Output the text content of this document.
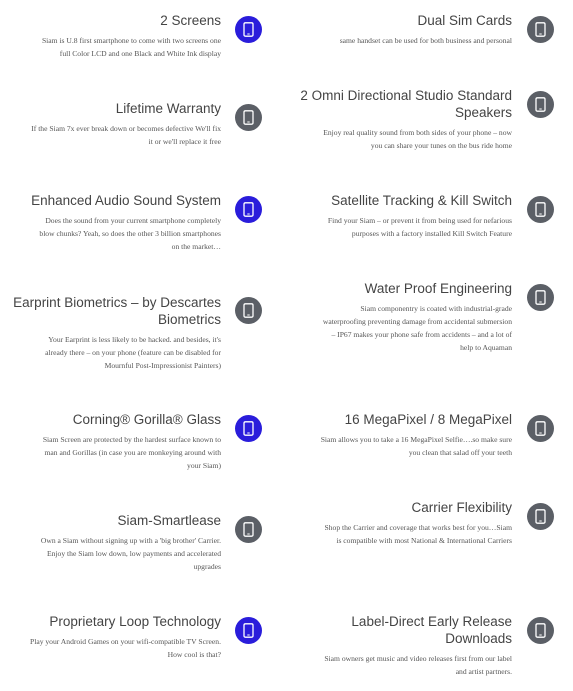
2 Screens
Siam is U.8 first smartphone to come with two screens one
full Color LCD and one Black and White Ink display
Lifetime Warranty
If the Siam 7x ever break down or becomes defective We'll fix
it or we'll replace it free
Enhanced Audio Sound System
Does the sound from your current smartphone completely
blow chunks? Yeah, so does the other 3 billion smartphones
on the market…
Earprint Biometrics – by Descartes
Biometrics
Your Earprint is less likely to be hacked. and besides, it's
already there – on your phone (feature can be disabled for
Mournful Post-Impressionist Painters)
Corning® Gorilla® Glass
Siam Screen are protected by the hardest surface known to
man and Gorillas (in case you are monkeying around with
your Siam)
Siam-Smartlease
Own a Siam without signing up with a 'big brother' Carrier.
Enjoy the Siam low down, low payments and accelerated
upgrades
Proprietary Loop Technology
Play your Android Games on your wifi-compatible TV Screen.
How cool is that?
Dual Sim Cards
same handset can be used for both business and personal
2 Omni Directional Studio Standard
Speakers
Enjoy real quality sound from both sides of your phone – now
you can share your tunes on the bus ride home
Satellite Tracking & Kill Switch
Find your Siam – or prevent it from being used for nefarious
purposes with a factory installed Kill Switch Feature
Water Proof Engineering
Siam componentry is coated with industrial-grade
waterproofing preventing damage from accidental submersion
– IP67 makes your phone safe from accidents – and a lot of
help to Aquaman
16 MegaPixel / 8 MegaPixel
Siam allows you to take a 16 MegaPixel Selfie….so make sure
you clean that salad off your teeth
Carrier Flexibility
Shop the Carrier and coverage that works best for you…Siam
is compatible with most National & International Carriers
Label-Direct Early Release Downloads
Siam owners get music and video releases first from our label
and artist partners.
